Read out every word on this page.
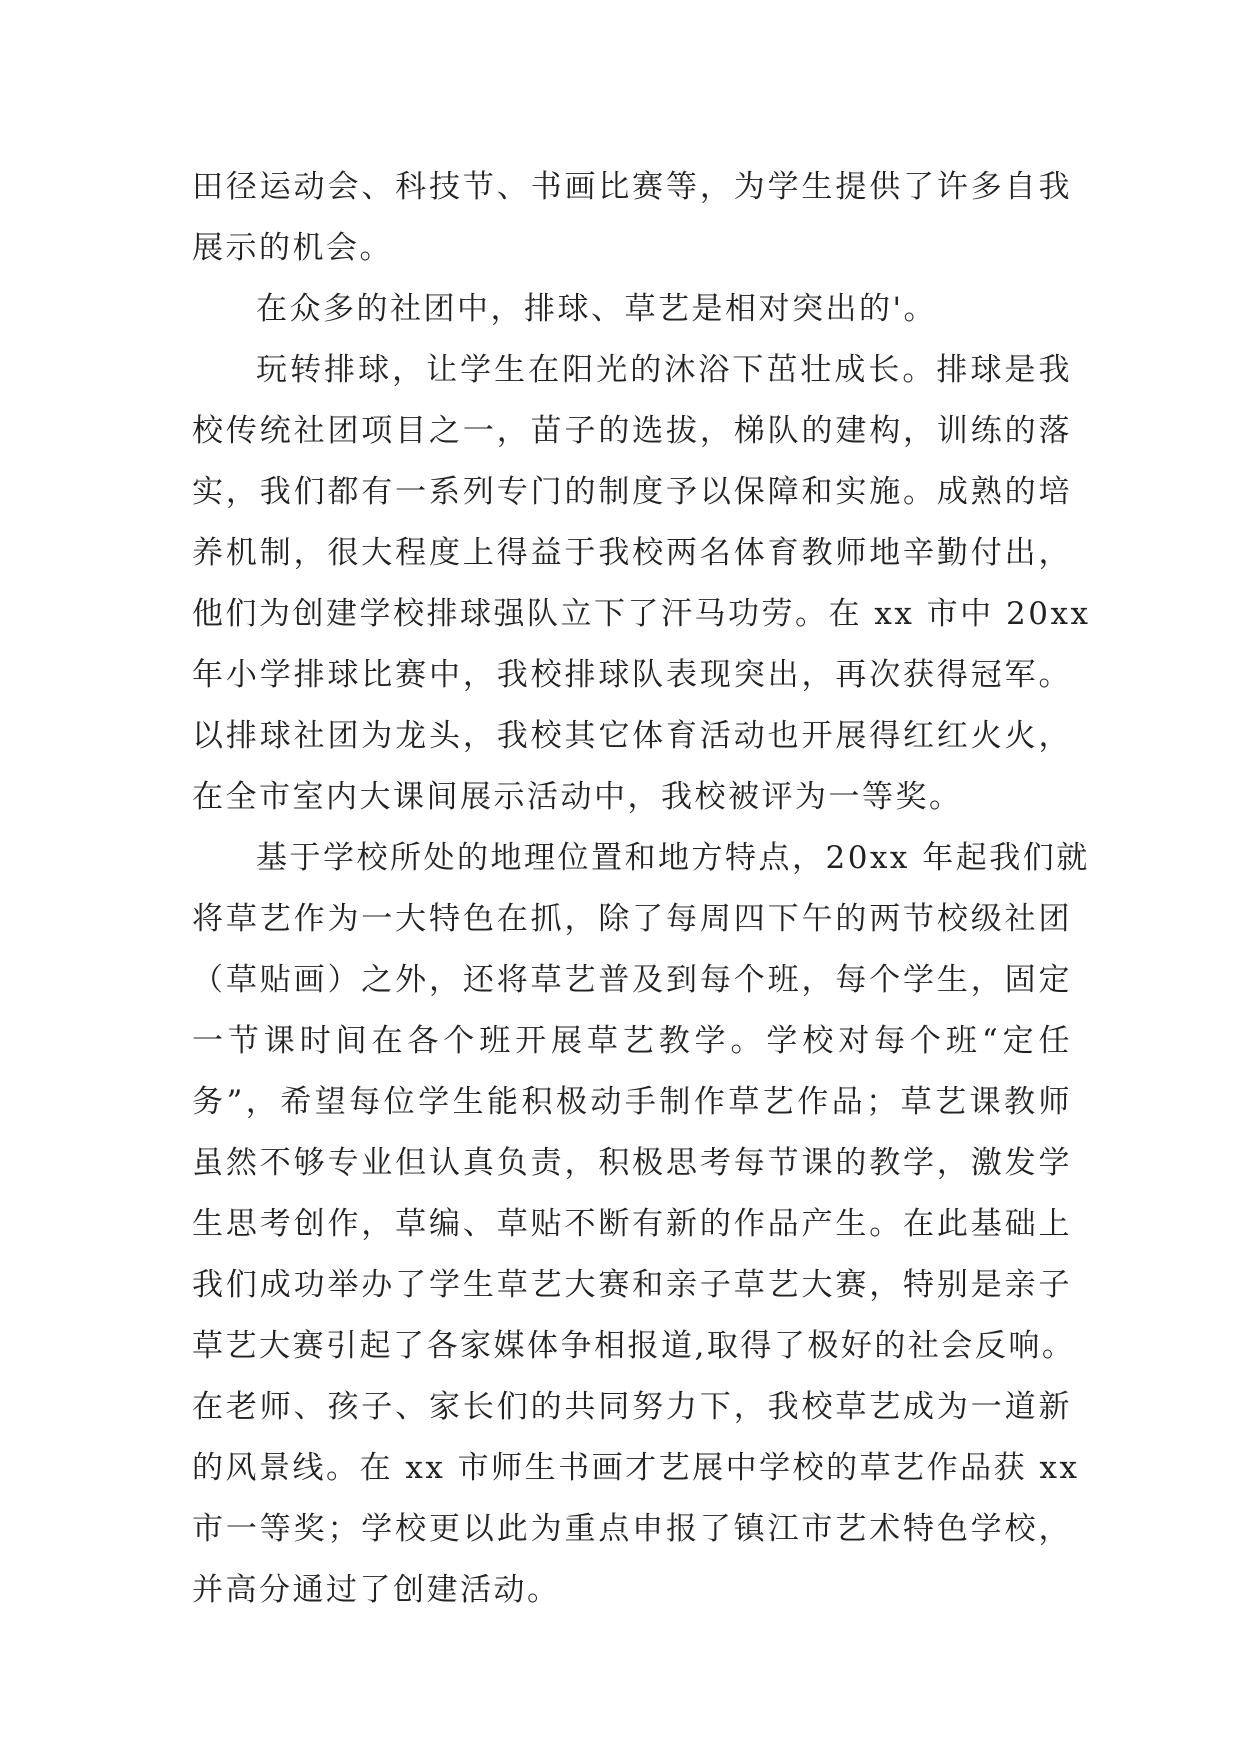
田径运动会、科技节、书画比赛等，为学生提供了许多自我
展示的机会。
在众多的社团中，排球、草艺是相对突出的'。
玩转排球，让学生在阳光的沐浴下茁壮成长。排球是我
校传统社团项目之一，苗子的选拔，梯队的建构，训练的落
实，我们都有一系列专门的制度予以保障和实施。成熟的培
养机制，很大程度上得益于我校两名体育教师地辛勤付出，
他们为创建学校排球强队立下了汗马功劳。在 xx 市中 20xx
年小学排球比赛中，我校排球队表现突出，再次获得冠军。
以排球社团为龙头，我校其它体育活动也开展得红红火火，
在全市室内大课间展示活动中，我校被评为一等奖。
基于学校所处的地理位置和地方特点，20xx 年起我们就
将草艺作为一大特色在抓，除了每周四下午的两节校级社团
（草贴画）之外，还将草艺普及到每个班，每个学生，固定
一节课时间在各个班开展草艺教学。学校对每个班“定任
务”，希望每位学生能积极动手制作草艺作品；草艺课教师
虽然不够专业但认真负责，积极思考每节课的教学，激发学
生思考创作，草编、草贴不断有新的作品产生。在此基础上
我们成功举办了学生草艺大赛和亲子草艺大赛，特别是亲子
草艺大赛引起了各家媒体争相报道,取得了极好的社会反响。
在老师、孩子、家长们的共同努力下，我校草艺成为一道新
的风景线。在 xx 市师生书画才艺展中学校的草艺作品获 xx
市一等奖；学校更以此为重点申报了镇江市艺术特色学校，
并高分通过了创建活动。
